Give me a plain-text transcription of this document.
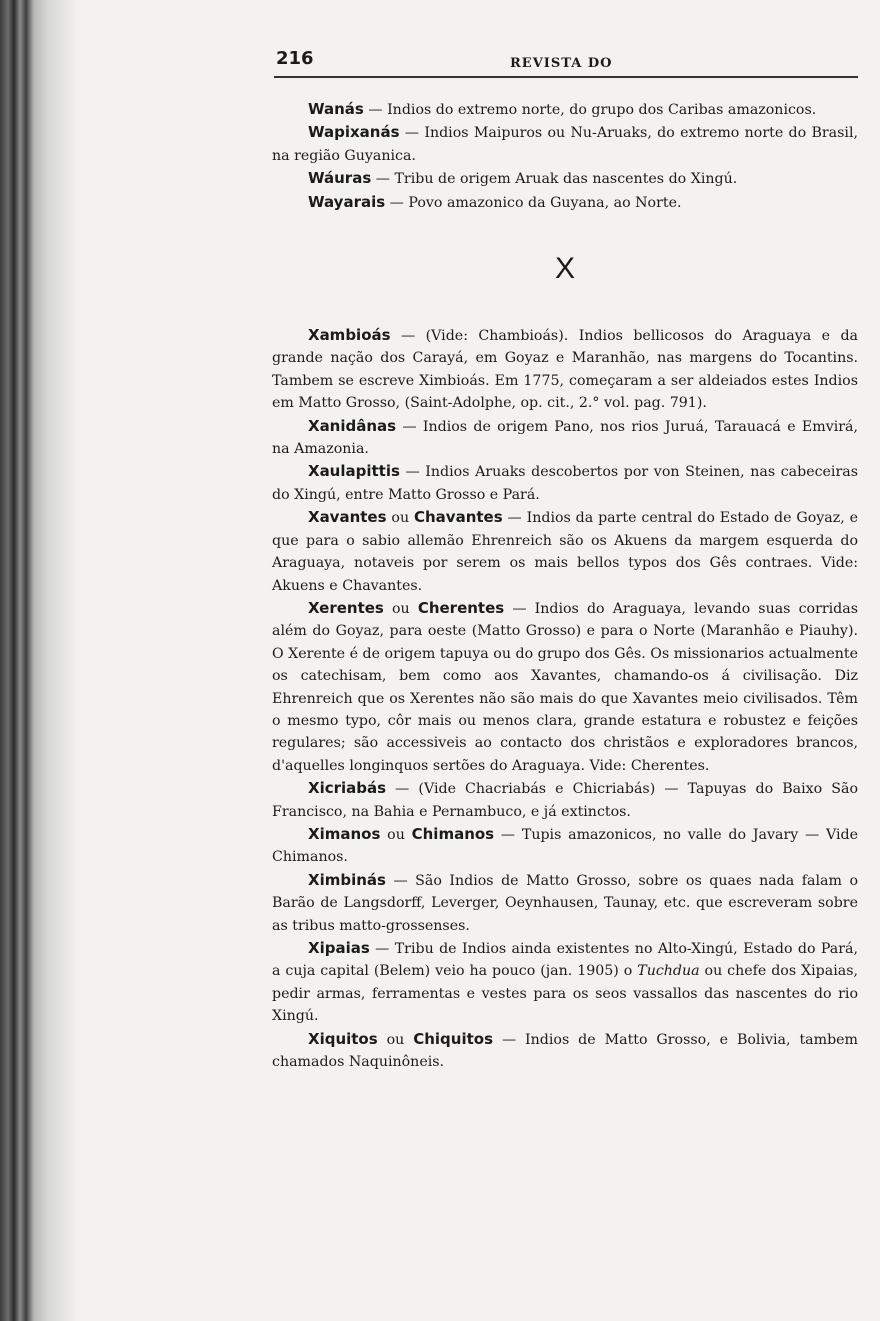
216	REVISTA DO

Wanás — Indios do extremo norte, do grupo dos Caribas amazonicos.

Wapixanás — Indios Maipuros ou Nu-Aruaks, do extremo norte do Brasil, na região Guyanica.

Wáuras — Tribu de origem Aruak das nascentes do Xingú.

Wayarais — Povo amazonico da Guyana, ao Norte.

X

Xambioás — (Vide: Chambioás). Indios bellicosos do Araguaya e da grande nação dos Carayá, em Goyaz e Maranhão, nas margens do Tocantins. Tambem se escreve Ximbioás. Em 1775, começaram a ser aldeiados estes Indios em Matto Grosso, (Saint-Adolphe, op. cit., 2.° vol. pag. 791).

Xanidânas — Indios de origem Pano, nos rios Juruá, Tarauacá e Emvirá, na Amazonia.

Xaulapittis — Indios Aruaks descobertos por von Steinen, nas cabeceiras do Xingú, entre Matto Grosso e Pará.

Xavantes ou Chavantes — Indios da parte central do Estado de Goyaz, e que para o sabio allemão Ehrenreich são os Akuens da margem esquerda do Araguaya, notaveis por serem os mais bellos typos dos Gês contraes. Vide: Akuens e Chavantes.

Xerentes ou Cherentes — Indios do Araguaya, levando suas corridas além do Goyaz, para oeste (Matto Grosso) e para o Norte (Maranhão e Piauhy). O Xerente é de origem tapuya ou do grupo dos Gês. Os missionarios actualmente os catechisam, bem como aos Xavantes, chamando-os á civilisação. Diz Ehrenreich que os Xerentes não são mais do que Xavantes meio civilisados. Têm o mesmo typo, côr mais ou menos clara, grande estatura e robustez e feições regulares; são accessiveis ao contacto dos christãos e exploradores brancos, d'aquelles longinquos sertões do Araguaya. Vide: Cherentes.

Xicriabás — (Vide Chacriabás e Chicriabás) — Tapuyas do Baixo São Francisco, na Bahia e Pernambuco, e já extinctos.

Ximanos ou Chimanos — Tupis amazonicos, no valle do Javary — Vide Chimanos.

Ximbinás — São Indios de Matto Grosso, sobre os quaes nada falam o Barão de Langsdorff, Leverger, Oeynhausen, Taunay, etc. que escreveram sobre as tribus matto-grossenses.

Xipaias — Tribu de Indios ainda existentes no Alto-Xingú, Estado do Pará, a cuja capital (Belem) veio ha pouco (jan. 1905) o Tuchdua ou chefe dos Xipaias, pedir armas, ferramentas e vestes para os seos vassallos das nascentes do rio Xingú.

Xiquitos ou Chiquitos — Indios de Matto Grosso, e Bolivia, tambem chamados Naquinôneis.
